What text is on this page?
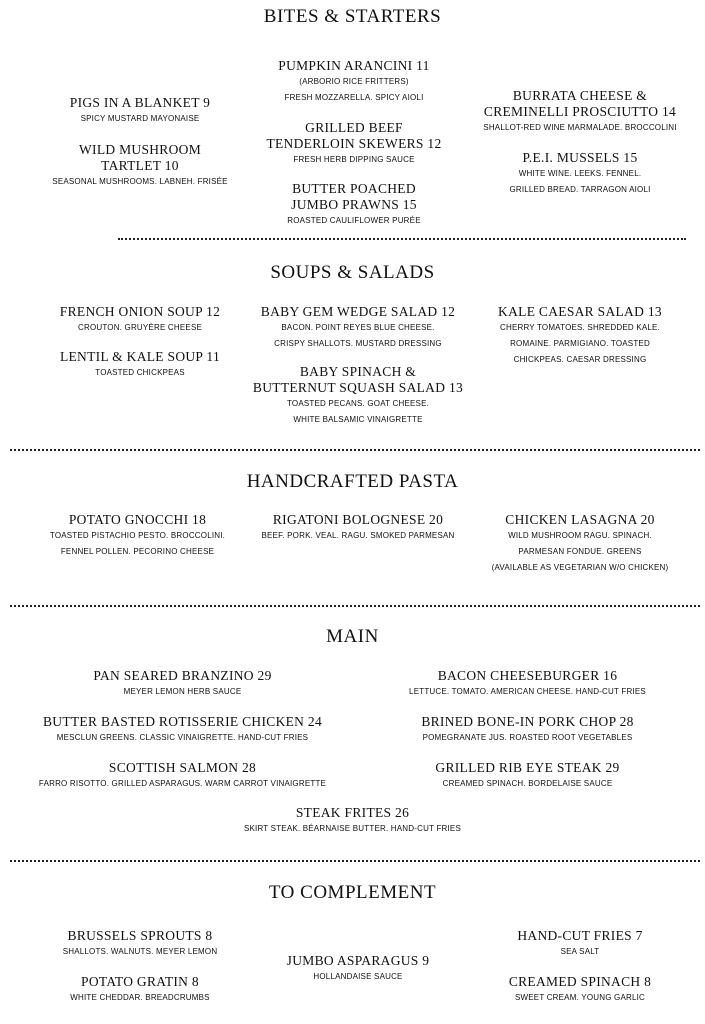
BITES & STARTERS
PIGS IN A BLANKET 9
SPICY MUSTARD MAYONAISE
WILD MUSHROOM
TARTLET 10
SEASONAL MUSHROOMS. LABNEH. FRISÉE
PUMPKIN ARANCINI 11
(ARBORIO RICE FRITTERS)
FRESH MOZZARELLA. SPICY AIOLI
GRILLED BEEF
TENDERLOIN SKEWERS 12
FRESH HERB DIPPING SAUCE
BUTTER POACHED
JUMBO PRAWNS 15
ROASTED CAULIFLOWER PURÉE
BURRATA CHEESE &
CREMINELLI PROSCIUTTO 14
SHALLOT-RED WINE MARMALADE. BROCCOLINI
P.E.I. MUSSELS 15
WHITE WINE. LEEKS. FENNEL.
GRILLED BREAD. TARRAGON AIOLI
SOUPS & SALADS
FRENCH ONION SOUP 12
CROUTON. GRUYÈRE CHEESE
LENTIL & KALE SOUP 11
TOASTED CHICKPEAS
BABY GEM WEDGE SALAD 12
BACON. POINT REYES BLUE CHEESE.
CRISPY SHALLOTS. MUSTARD DRESSING
BABY SPINACH &
BUTTERNUT SQUASH SALAD 13
TOASTED PECANS. GOAT CHEESE.
WHITE BALSAMIC VINAIGRETTE
KALE CAESAR SALAD 13
CHERRY TOMATOES. SHREDDED KALE.
ROMAINE. PARMIGIANO. TOASTED
CHICKPEAS. CAESAR DRESSING
HANDCRAFTED PASTA
POTATO GNOCCHI 18
TOASTED PISTACHIO PESTO. BROCCOLINI.
FENNEL POLLEN. PECORINO CHEESE
RIGATONI BOLOGNESE 20
BEEF. PORK. VEAL. RAGU. SMOKED PARMESAN
CHICKEN LASAGNA 20
WILD MUSHROOM RAGU. SPINACH.
PARMESAN FONDUE. GREENS
(AVAILABLE AS VEGETARIAN W/O CHICKEN)
MAIN
PAN SEARED BRANZINO 29
MEYER LEMON HERB SAUCE
BUTTER BASTED ROTISSERIE CHICKEN 24
MESCLUN GREENS. CLASSIC VINAIGRETTE. HAND-CUT FRIES
SCOTTISH SALMON 28
FARRO RISOTTO. GRILLED ASPARAGUS. WARM CARROT VINAIGRETTE
BACON CHEESEBURGER 16
LETTUCE. TOMATO. AMERICAN CHEESE. HAND-CUT FRIES
BRINED BONE-IN PORK CHOP 28
POMEGRANATE JUS. ROASTED ROOT VEGETABLES
GRILLED RIB EYE STEAK 29
CREAMED SPINACH. BORDELAISE SAUCE
STEAK FRITES 26
SKIRT STEAK. BÉARNAISE BUTTER. HAND-CUT FRIES
TO COMPLEMENT
BRUSSELS SPROUTS 8
SHALLOTS. WALNUTS. MEYER LEMON
POTATO GRATIN 8
WHITE CHEDDAR. BREADCRUMBS
JUMBO ASPARAGUS 9
HOLLANDAISE SAUCE
HAND-CUT FRIES 7
SEA SALT
CREAMED SPINACH 8
SWEET CREAM. YOUNG GARLIC
